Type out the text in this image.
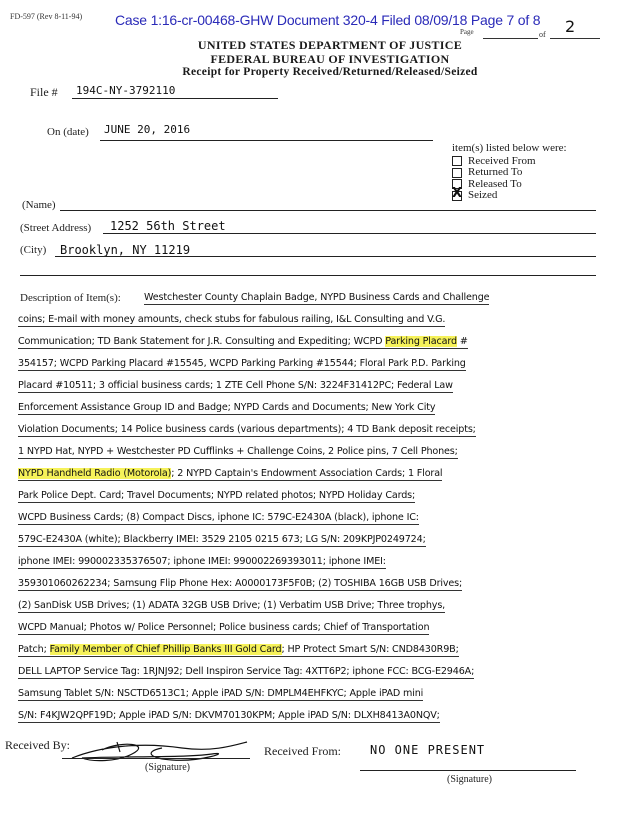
FD-597 (Rev 8-11-94) Case 1:16-cr-00468-GHW Document 320-4 Filed 08/09/18 Page 7 of 8
Page	of 2
UNITED STATES DEPARTMENT OF JUSTICE
FEDERAL BUREAU OF INVESTIGATION
Receipt for Property Received/Returned/Released/Seized
File # 194C-NY-3792110
On (date) JUNE 20, 2016
item(s) listed below were:
Received From
Returned To
Released To
X
Seized
(Name)
(Street Address) 1252 56th Street
(City) Brooklyn, NY 11219
Description of Item(s): Westchester County Chaplain Badge, NYPD Business Cards and Challenge
coins; E-mail with money amounts, check stubs for fabulous railing, I&L Consulting and V.G.
Communication; TD Bank Statement for J.R. Consulting and Expediting; WCPD Parking Placard #
354157; WCPD Parking Placard #15545, WCPD Parking Parking #15544; Floral Park P.D. Parking
Placard #10511; 3 official business cards; 1 ZTE Cell Phone S/N: 3224F31412PC; Federal Law
Enforcement Assistance Group ID and Badge; NYPD Cards and Documents; New York City
Violation Documents; 14 Police business cards (various departments); 4 TD Bank deposit receipts;
1 NYPD Hat, NYPD + Westchester PD Cufflinks + Challenge Coins, 2 Police pins, 7 Cell Phones;
NYPD Handheld Radio (Motorola); 2 NYPD Captain's Endowment Association Cards; 1 Floral
Park Police Dept. Card; Travel Documents; NYPD related photos; NYPD Holiday Cards;
WCPD Business Cards; (8) Compact Discs, iphone IC: 579C-E2430A (black), iphone IC:
579C-E2430A (white); Blackberry IMEI: 3529 2105 0215 673; LG S/N: 209KPJP0249724;
iphone IMEI: 990002335376507; iphone IMEI: 990002269393011; iphone IMEI:
359301060262234; Samsung Flip Phone Hex: A0000173F5F0B; (2) TOSHIBA 16GB USB Drives;
(2) SanDisk USB Drives; (1) ADATA 32GB USB Drive; (1) Verbatim USB Drive; Three trophys,
WCPD Manual; Photos w/ Police Personnel; Police business cards; Chief of Transportation
Patch; Family Member of Chief Phillip Banks III Gold Card; HP Protect Smart S/N: CND8430R9B;
DELL LAPTOP Service Tag: 1RJNJ92; Dell Inspiron Service Tag: 4XTT6P2; iphone FCC: BCG-E2946A;
Samsung Tablet S/N: NSCTD6513C1; Apple iPAD S/N: DMPLM4EHFKYC; Apple iPAD mini
S/N: F4KJW2QPF19D; Apple iPAD S/N: DKVM70130KPM; Apple iPAD S/N: DLXH8413A0NQV;
Received By:
(Signature)
Received From: NO ONE PRESENT
(Signature)
